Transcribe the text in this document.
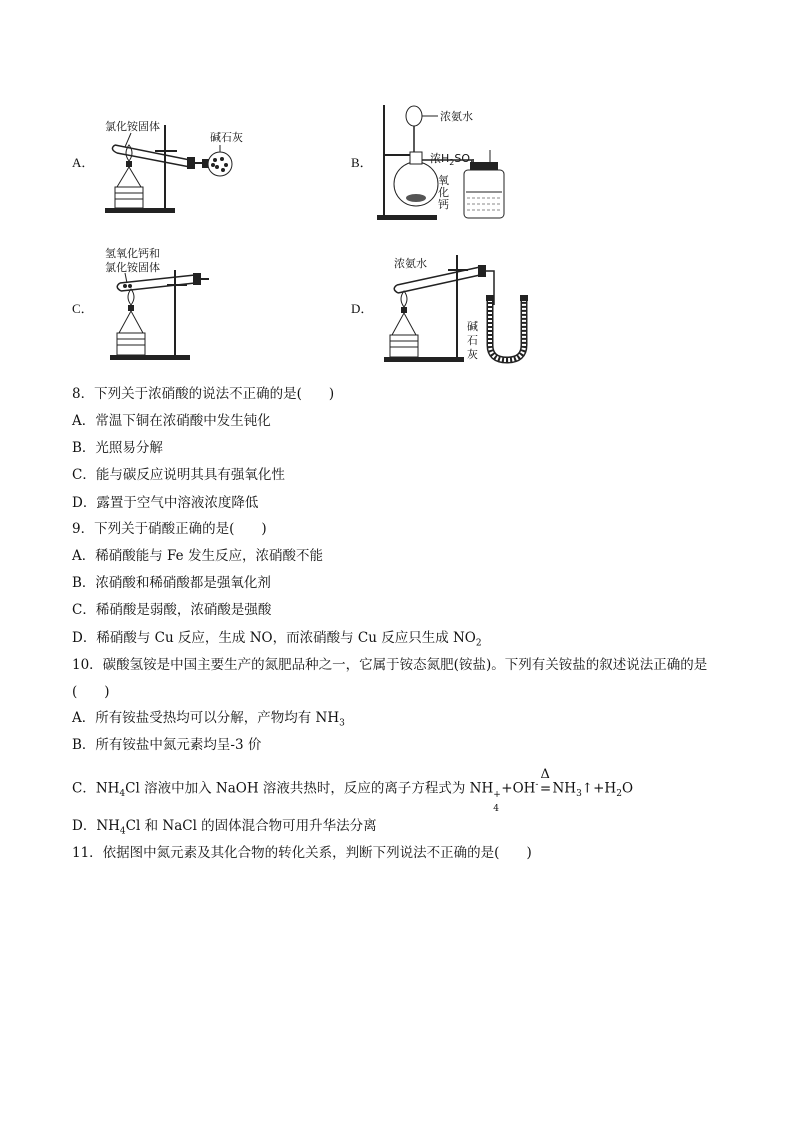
A．
氯化铵固体
碱石灰
B．
浓氨水
浓$H_2SO$
氧
化
钙
C．
氢氧化钙和
氯化铵固体
D．
浓氨水
碱
石
灰
8．下列关于浓硝酸的说法不正确的是(　　)
A．常温下铜在浓硝酸中发生钝化
B．光照易分解
C．能与碳反应说明其具有强氧化性
D．露置于空气中溶液浓度降低
9．下列关于硝酸正确的是(　　)
A．稀硝酸能与 Fe 发生反应，浓硝酸不能
B．浓硝酸和稀硝酸都是强氧化剂
C．稀硝酸是弱酸，浓硝酸是强酸
D．稀硝酸与 Cu 反应，生成 NO，而浓硝酸与 Cu 反应只生成 $NO_2$
10．碳酸氢铵是中国主要生产的氮肥品种之一，它属于铵态氮肥(铵盐)。下列有关铵盐的叙述说法正确的是
(　　)
A．所有铵盐受热均可以分解，产物均有 $NH_3$
B．所有铵盐中氮元素均呈-3 价
C．$NH_4Cl$ 溶液中加入 NaOH 溶液共热时，反应的离子方程式为 NH +
4
+OH-
Δ
$=NH_3↑+H_2O$
D．$NH_4Cl$ 和 NaCl 的固体混合物可用升华法分离
11．依据图中氮元素及其化合物的转化关系，判断下列说法不正确的是(　　)
